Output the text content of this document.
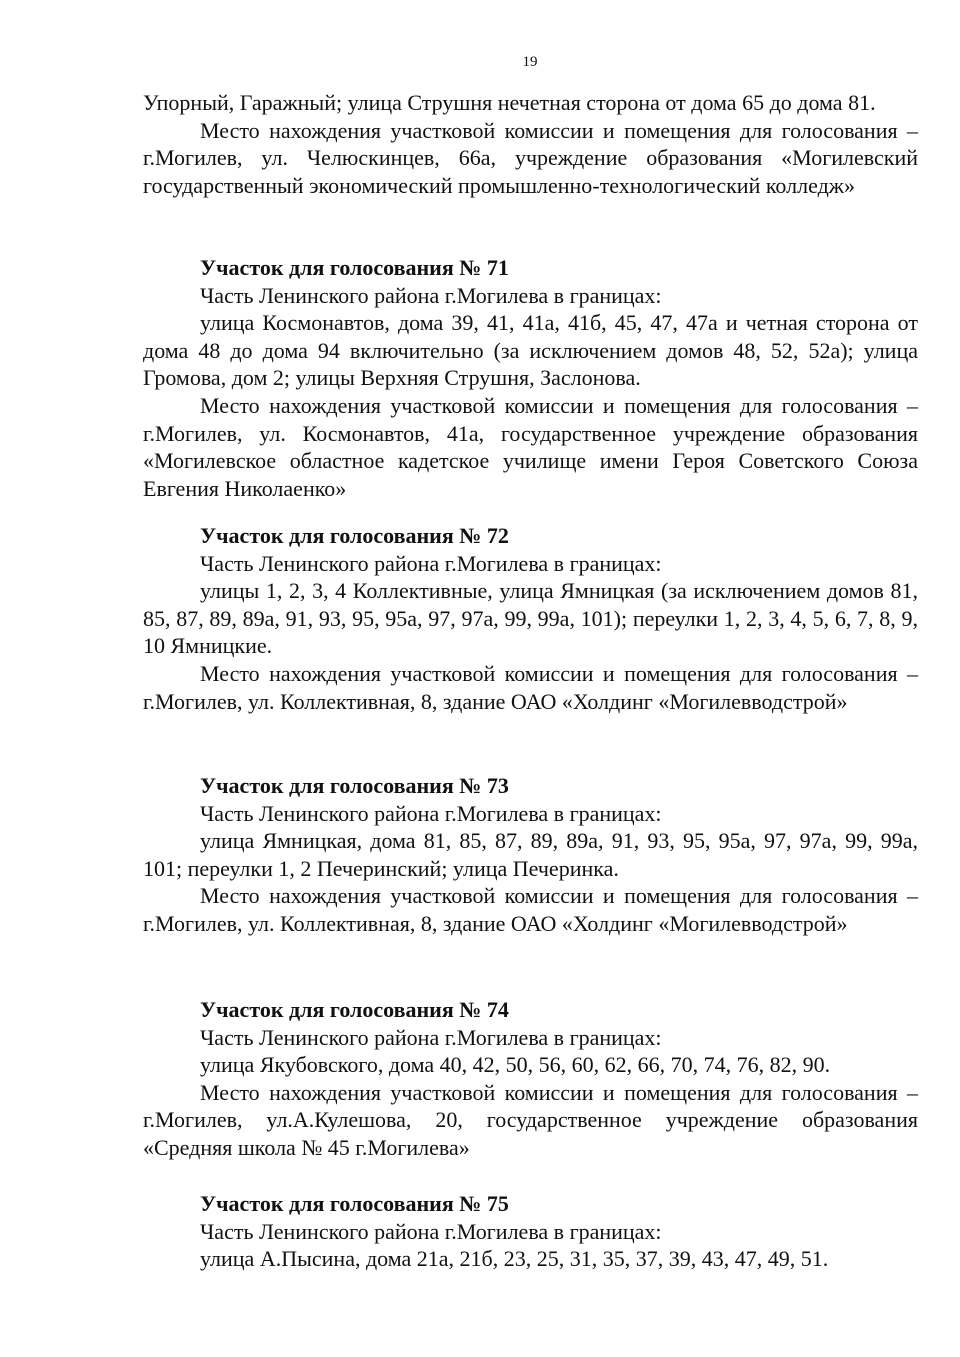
19

Упорный, Гаражный; улица Струшня нечетная сторона от дома 65 до дома 81.

Место нахождения участковой комиссии и помещения для голосования – г.Могилев, ул. Челюскинцев, 66а, учреждение образования «Могилевский государственный экономический промышленно-технологический колледж»

Участок для голосования № 71

Часть Ленинского района г.Могилева в границах:

улица Космонавтов, дома 39, 41, 41а, 41б, 45, 47, 47а и четная сторона от дома 48 до дома 94 включительно (за исключением домов 48, 52, 52а); улица Громова, дом 2; улицы Верхняя Струшня, Заслонова.

Место нахождения участковой комиссии и помещения для голосования – г.Могилев, ул. Космонавтов, 41а, государственное учреждение образования «Могилевское областное кадетское училище имени Героя Советского Союза Евгения Николаенко»

Участок для голосования № 72

Часть Ленинского района г.Могилева в границах:

улицы 1, 2, 3, 4 Коллективные, улица Ямницкая (за исключением домов 81, 85, 87, 89, 89а, 91, 93, 95, 95а, 97, 97а, 99, 99а, 101); переулки 1, 2, 3, 4, 5, 6, 7, 8, 9, 10 Ямницкие.

Место нахождения участковой комиссии и помещения для голосования – г.Могилев, ул. Коллективная, 8, здание ОАО «Холдинг «Могилевводстрой»

Участок для голосования № 73

Часть Ленинского района г.Могилева в границах:

улица Ямницкая, дома 81, 85, 87, 89, 89а, 91, 93, 95, 95а, 97, 97а, 99, 99а, 101; переулки 1, 2 Печеринский; улица Печеринка.

Место нахождения участковой комиссии и помещения для голосования – г.Могилев, ул. Коллективная, 8, здание ОАО «Холдинг «Могилевводстрой»

Участок для голосования № 74

Часть Ленинского района г.Могилева в границах:

улица Якубовского, дома 40, 42, 50, 56, 60, 62, 66, 70, 74, 76, 82, 90.

Место нахождения участковой комиссии и помещения для голосования – г.Могилев, ул.А.Кулешова, 20, государственное учреждение образования «Средняя школа № 45 г.Могилева»

Участок для голосования № 75

Часть Ленинского района г.Могилева в границах:

улица А.Пысина, дома 21а, 21б, 23, 25, 31, 35, 37, 39, 43, 47, 49, 51.
